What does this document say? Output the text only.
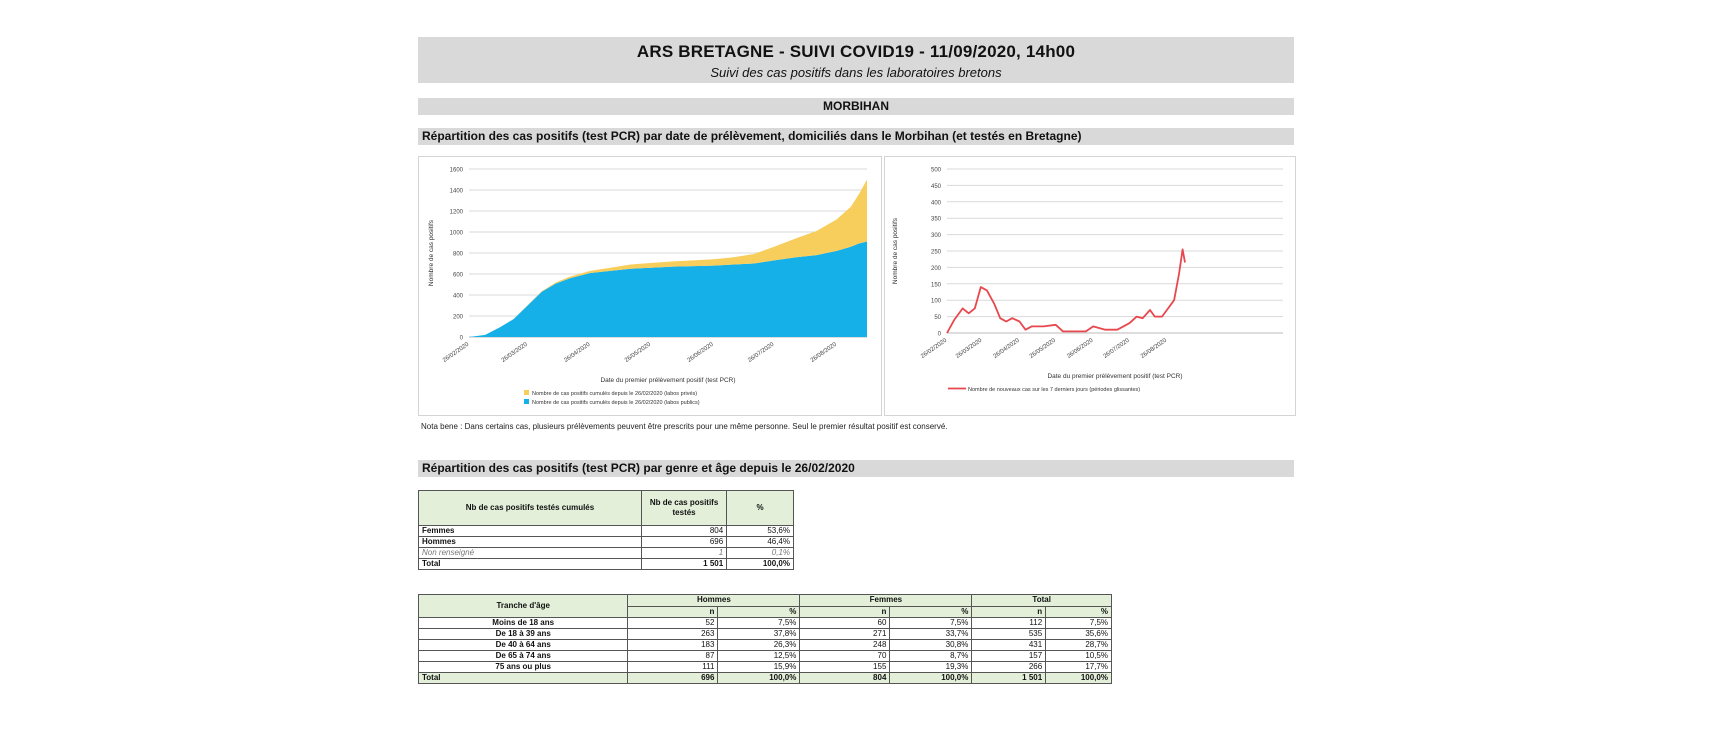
ARS BRETAGNE - SUIVI COVID19 - 11/09/2020, 14h00
Suivi des cas positifs dans les laboratoires bretons
MORBIHAN
Répartition des cas positifs (test PCR) par date de prélèvement, domiciliés dans le Morbihan (et testés en Bretagne)
0
200
400
600
800
1000
1200
1400
1600
26/02/2020	26/03/2020	26/04/2020	26/05/2020	26/06/2020	26/07/2020	26/08/2020
Date du premier prélèvement positif (test PCR)
Nombre de cas positifs
Nombre de cas positifs cumulés depuis le 26/02/2020 (labos privés)
Nombre de cas positifs cumulés depuis le 26/02/2020 (labos publics)
0
50
100
150
200
250
300
350
400
450
500
26/02/2020 26/03/2020 26/04/2020 26/05/2020 26/06/2020 26/07/2020 26/08/2020
Date du premier prélèvement positif (test PCR)
Nombre de cas positifs
Nombre de nouveaux cas sur les 7 derniers jours (périodes glissantes)
Nota bene : Dans certains cas, plusieurs prélèvements peuvent être prescrits pour une même personne. Seul le premier résultat positif est conservé.
Répartition des cas positifs (test PCR) par genre et âge depuis le 26/02/2020
Nb de cas positifs testés cumulés	Nb de cas positifs testés	%
Femmes	804	53,6%
Hommes	696	46,4%
Non renseigné	1	0,1%
Total	1 501	100,0%
Tranche d'âge	Hommes		Femmes		Total	
	n	%	n	%	n	%
Moins de 18 ans	52	7,5%	60	7,5%	112	7,5%
De 18 à 39 ans	263	37,8%	271	33,7%	535	35,6%
De 40 à 64 ans	183	26,3%	248	30,8%	431	28,7%
De 65 à 74 ans	87	12,5%	70	8,7%	157	10,5%
75 ans ou plus	111	15,9%	155	19,3%	266	17,7%
Total	696	100,0%	804	100,0%	1 501	100,0%
